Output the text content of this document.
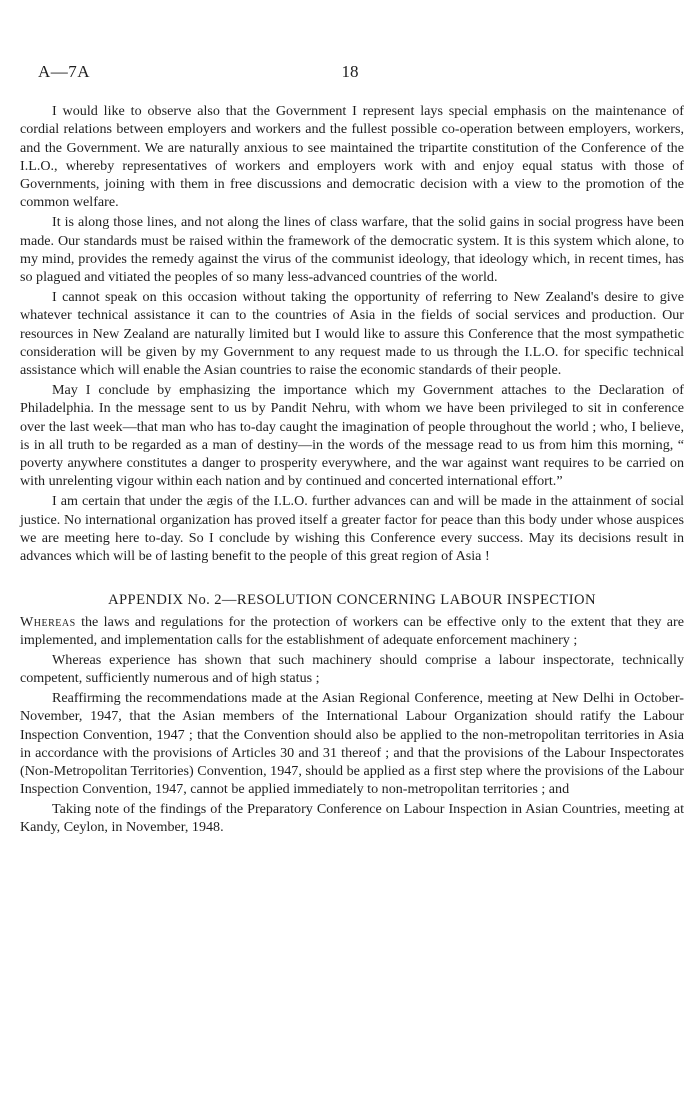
A—7A	18

I would like to observe also that the Government I represent lays special emphasis on the maintenance of cordial relations between employers and workers and the fullest possible co-operation between employers, workers, and the Government. We are naturally anxious to see maintained the tripartite constitution of the Conference of the I.L.O., whereby representatives of workers and employers work with and enjoy equal status with those of Governments, joining with them in free discussions and democratic decision with a view to the promotion of the common welfare.

It is along those lines, and not along the lines of class warfare, that the solid gains in social progress have been made. Our standards must be raised within the framework of the democratic system. It is this system which alone, to my mind, provides the remedy against the virus of the communist ideology, that ideology which, in recent times, has so plagued and vitiated the peoples of so many less-advanced countries of the world.

I cannot speak on this occasion without taking the opportunity of referring to New Zealand's desire to give whatever technical assistance it can to the countries of Asia in the fields of social services and production. Our resources in New Zealand are naturally limited but I would like to assure this Conference that the most sympathetic consideration will be given by my Government to any request made to us through the I.L.O. for specific technical assistance which will enable the Asian countries to raise the economic standards of their people.

May I conclude by emphasizing the importance which my Government attaches to the Declaration of Philadelphia. In the message sent to us by Pandit Nehru, with whom we have been privileged to sit in conference over the last week—that man who has to-day caught the imagination of people throughout the world ; who, I believe, is in all truth to be regarded as a man of destiny—in the words of the message read to us from him this morning, “ poverty anywhere constitutes a danger to prosperity everywhere, and the war against want requires to be carried on with unrelenting vigour within each nation and by continued and concerted international effort.”

I am certain that under the ægis of the I.L.O. further advances can and will be made in the attainment of social justice. No international organization has proved itself a greater factor for peace than this body under whose auspices we are meeting here to-day. So I conclude by wishing this Conference every success. May its decisions result in advances which will be of lasting benefit to the people of this great region of Asia !

APPENDIX No. 2—RESOLUTION CONCERNING LABOUR INSPECTION

Whereas the laws and regulations for the protection of workers can be effective only to the extent that they are implemented, and implementation calls for the establishment of adequate enforcement machinery ;

Whereas experience has shown that such machinery should comprise a labour inspectorate, technically competent, sufficiently numerous and of high status ;

Reaffirming the recommendations made at the Asian Regional Conference, meeting at New Delhi in October-November, 1947, that the Asian members of the International Labour Organization should ratify the Labour Inspection Convention, 1947 ; that the Convention should also be applied to the non-metropolitan territories in Asia in accordance with the provisions of Articles 30 and 31 thereof ; and that the provisions of the Labour Inspectorates (Non-Metropolitan Territories) Convention, 1947, should be applied as a first step where the provisions of the Labour Inspection Convention, 1947, cannot be applied immediately to non-metropolitan territories ; and

Taking note of the findings of the Preparatory Conference on Labour Inspection in Asian Countries, meeting at Kandy, Ceylon, in November, 1948.
